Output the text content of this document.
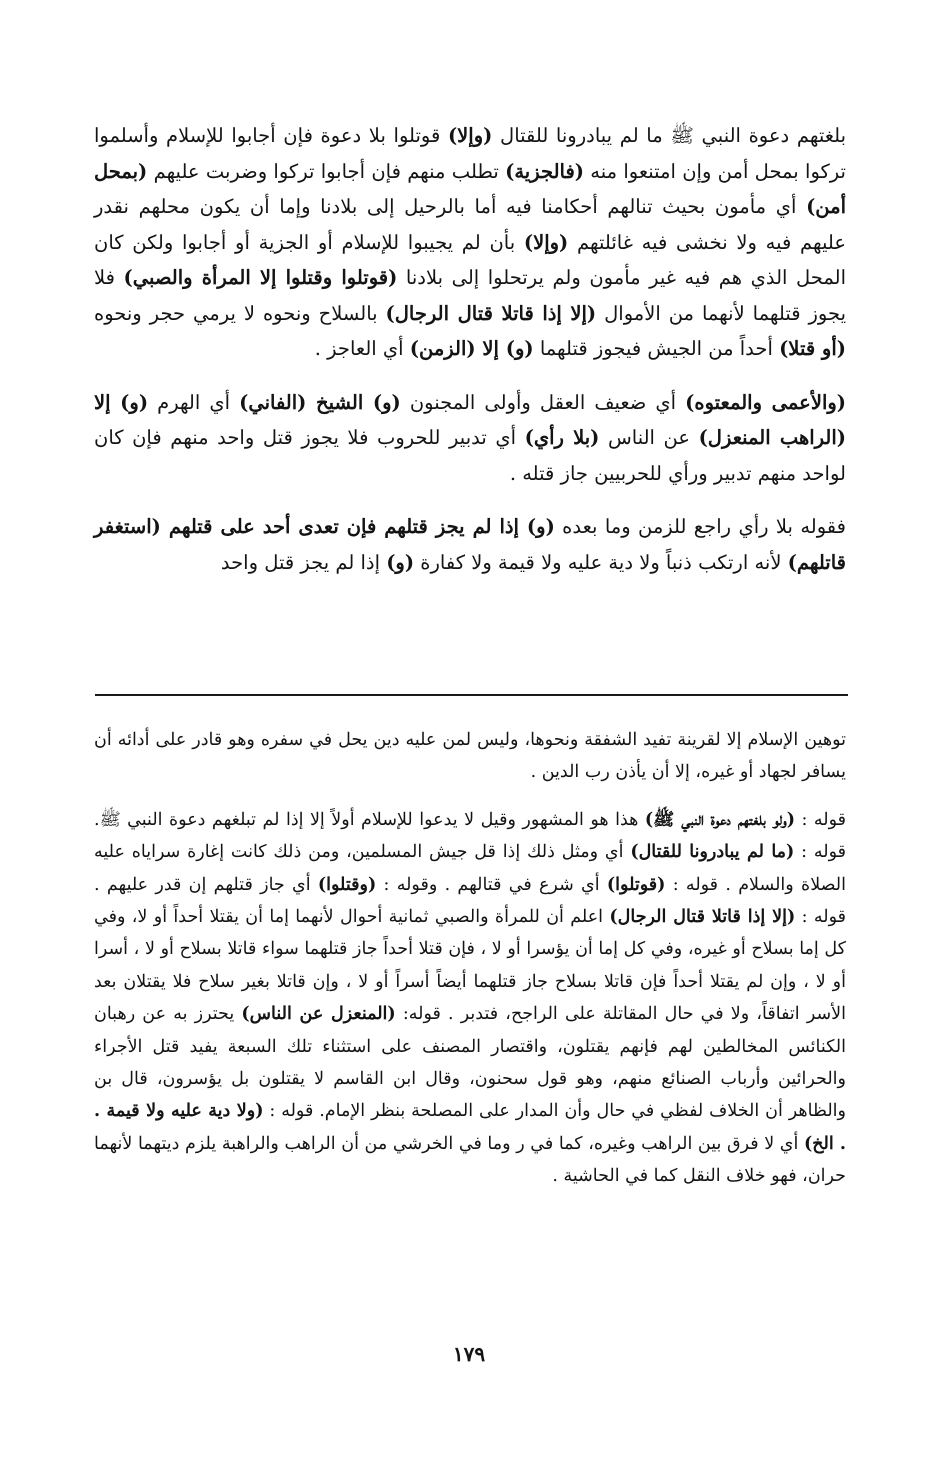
بلغتهم دعوة النبي ﷺ ما لم يبادرونا للقتال (وإلا) قوتلوا بلا دعوة فإن أجابوا للإسلام وأسلموا تركوا بمحل أمن وإن امتنعوا منه (فالجزية) تطلب منهم فإن أجابوا تركوا وضربت عليهم (بمحل أمن) أي مأمون بحيث تنالهم أحكامنا فيه أما بالرحيل إلى بلادنا وإما أن يكون محلهم نقدر عليهم فيه ولا نخشى فيه غائلتهم (وإلا) بأن لم يجيبوا للإسلام أو الجزية أو أجابوا ولكن كان المحل الذي هم فيه غير مأمون ولم يرتحلوا إلى بلادنا (قوتلوا وقتلوا إلا المرأة والصبي) فلا يجوز قتلهما لأنهما من الأموال (إلا إذا قاتلا قتال الرجال) بالسلاح ونحوه لا يرمي حجر ونحوه (أو قتلا) أحداً من الجيش فيجوز قتلهما (و) إلا (الزمن) أي العاجز .

(والأعمى والمعتوه) أي ضعيف العقل وأولى المجنون (و) الشيخ (الفاني) أي الهرم (و) إلا (الراهب المنعزل) عن الناس (بلا رأي) أي تدبير للحروب فلا يجوز قتل واحد منهم فإن كان لواحد منهم تدبير ورأي للحربيين جاز قتله .

فقوله بلا رأي راجع للزمن وما بعده (و) إذا لم يجز قتلهم فإن تعدى أحد على قتلهم (استغفر قاتلهم) لأنه ارتكب ذنباً ولا دية عليه ولا قيمة ولا كفارة (و) إذا لم يجز قتل واحد

توهين الإسلام إلا لقرينة تفيد الشفقة ونحوها، وليس لمن عليه دين يحل في سفره وهو قادر على أدائه أن يسافر لجهاد أو غيره، إلا أن يأذن رب الدين .

قوله : (ولو بلغتهم دعوة النبي ﷺ) هذا هو المشهور وقيل لا يدعوا للإسلام أولاً إلا إذا لم تبلغهم دعوة النبي ﷺ. قوله : (ما لم يبادرونا للقتال) أي ومثل ذلك إذا قل جيش المسلمين، ومن ذلك كانت إغارة سراياه عليه الصلاة والسلام . قوله : (قوتلوا) أي شرع في قتالهم . وقوله : (وقتلوا) أي جاز قتلهم إن قدر عليهم . قوله : (إلا إذا قاتلا قتال الرجال) اعلم أن للمرأة والصبي ثمانية أحوال لأنهما إما أن يقتلا أحداً أو لا، وفي كل إما بسلاح أو غيره، وفي كل إما أن يؤسرا أو لا ، فإن قتلا أحداً جاز قتلهما سواء قاتلا بسلاح أو لا ، أسرا أو لا ، وإن لم يقتلا أحداً فإن قاتلا بسلاح جاز قتلهما أيضاً أسراً أو لا ، وإن قاتلا بغير سلاح فلا يقتلان بعد الأسر اتفاقاً، ولا في حال المقاتلة على الراجح، فتدبر . قوله: (المنعزل عن الناس) يحترز به عن رهبان الكنائس المخالطين لهم فإنهم يقتلون، واقتصار المصنف على استثناء تلك السبعة يفيد قتل الأجراء والحرائين وأرباب الصنائع منهم، وهو قول سحنون، وقال ابن القاسم لا يقتلون بل يؤسرون، قال بن والظاهر أن الخلاف لفظي في حال وأن المدار على المصلحة بنظر الإمام. قوله : (ولا دية عليه ولا قيمة . . الخ) أي لا فرق بين الراهب وغيره، كما في ر وما في الخرشي من أن الراهب والراهبة يلزم ديتهما لأنهما حران، فهو خلاف النقل كما في الحاشية .

١٧٩
